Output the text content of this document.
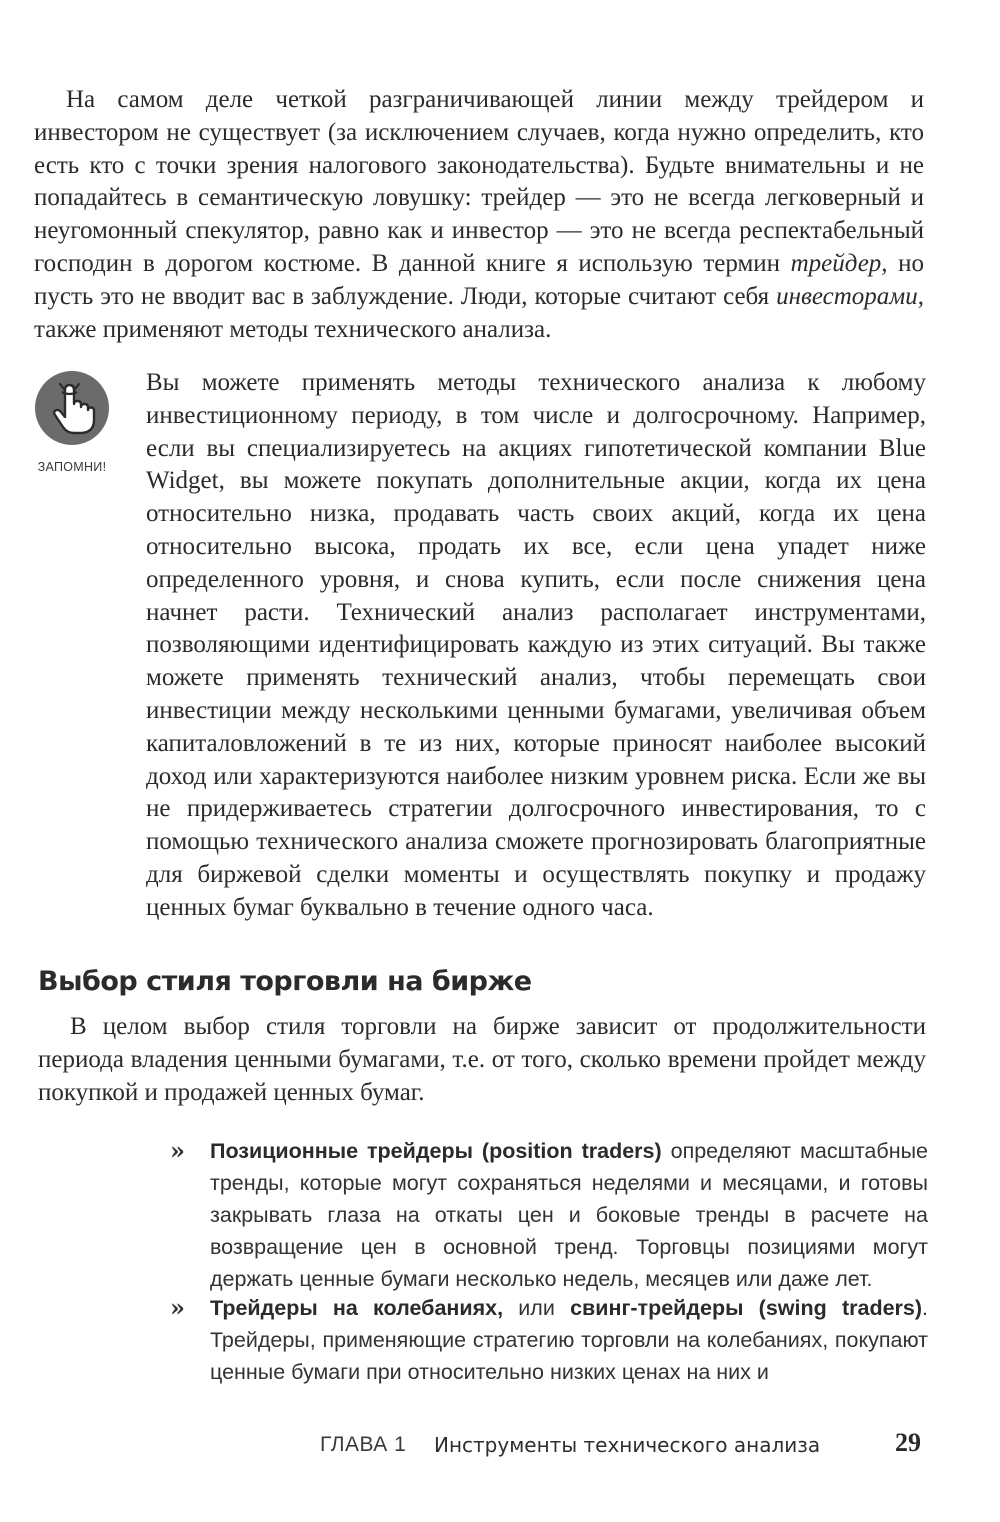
На самом деле четкой разграничивающей линии между трейдером и инвестором не существует (за исключением случаев, когда нужно определить, кто есть кто с точки зрения налогового законодательства). Будьте внимательны и не попадайтесь в семантическую ловушку: трейдер — это не всегда легковерный и неугомонный спекулятор, равно как и инвестор — это не всегда респектабельный господин в дорогом костюме. В данной книге я использую термин трейдер, но пусть это не вводит вас в заблуждение. Люди, которые считают себя инвесторами, также применяют методы технического анализа.

ЗАПОМНИ!

Вы можете применять методы технического анализа к любому инвестиционному периоду, в том числе и долгосрочному. Например, если вы специализируетесь на акциях гипотетической компании Blue Widget, вы можете покупать дополнительные акции, когда их цена относительно низка, продавать часть своих акций, когда их цена относительно высока, продать их все, если цена упадет ниже определенного уровня, и снова купить, если после снижения цена начнет расти. Технический анализ располагает инструментами, позволяющими идентифицировать каждую из этих ситуаций. Вы также можете применять технический анализ, чтобы перемещать свои инвестиции между несколькими ценными бумагами, увеличивая объем капиталовложений в те из них, которые приносят наиболее высокий доход или характеризуются наиболее низким уровнем риска. Если же вы не придерживаетесь стратегии долгосрочного инвестирования, то с помощью технического анализа сможете прогнозировать благоприятные для биржевой сделки моменты и осуществлять покупку и продажу ценных бумаг буквально в течение одного часа.

Выбор стиля торговли на бирже

В целом выбор стиля торговли на бирже зависит от продолжительности периода владения ценными бумагами, т.е. от того, сколько времени пройдет между покупкой и продажей ценных бумаг.

» Позиционные трейдеры (position traders) определяют масштабные тренды, которые могут сохраняться неделями и месяцами, и готовы закрывать глаза на откаты цен и боковые тренды в расчете на возвращение цен в основной тренд. Торговцы позициями могут держать ценные бумаги несколько недель, месяцев или даже лет.

» Трейдеры на колебаниях, или свинг-трейдеры (swing traders). Трейдеры, применяющие стратегию торговли на колебаниях, покупают ценные бумаги при относительно низких ценах на них и

ГЛАВА 1 Инструменты технического анализа	29
